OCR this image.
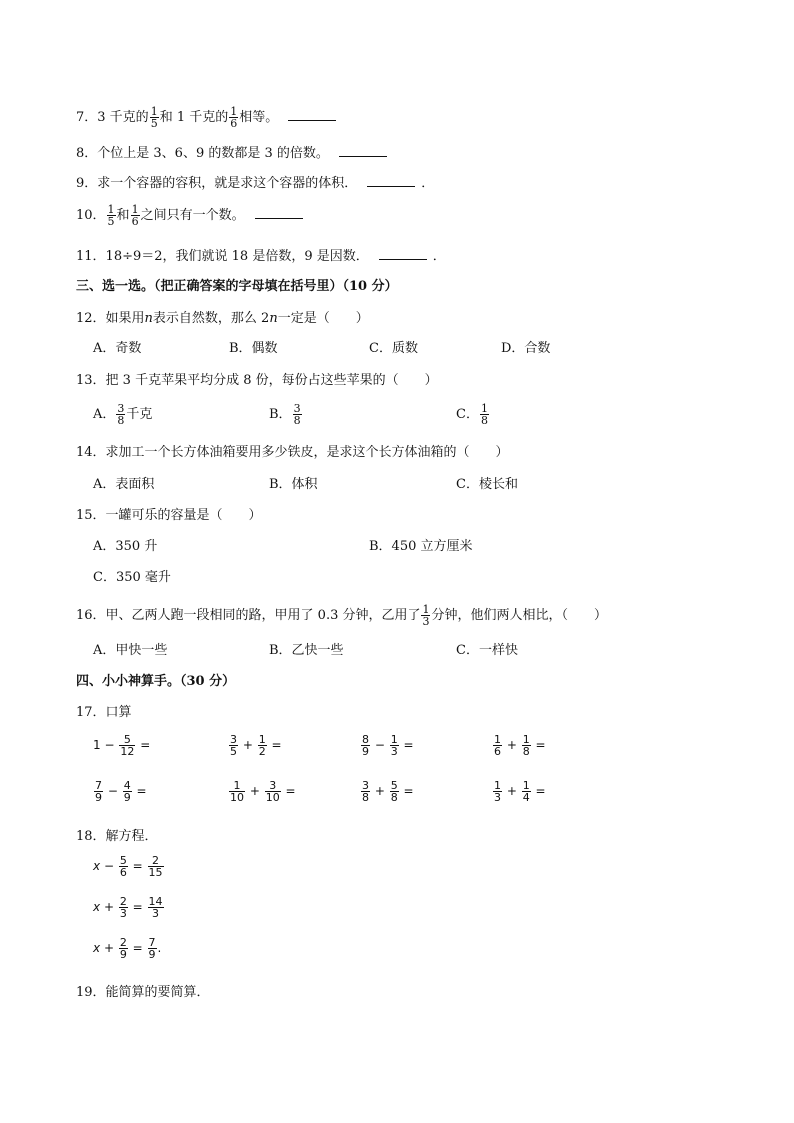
7．3 千克的 $\frac{1}{5}$ 和 1 千克的 $\frac{1}{6}$ 相等。
8．个位上是 3、6、9 的数都是 3 的倍数。
9．求一个容器的容积，就是求这个容器的体积．	．
10． $\frac{1}{5}$ 和 $\frac{1}{6}$ 之间只有一个数。
11．18÷9＝2，我们就说 18 是倍数，9 是因数．	．
三、选一选。（把正确答案的字母填在括号里）（10 分）
12．如果用n表示自然数，那么 2n一定是（　　）
A．奇数	B．偶数	C．质数	D．合数
13．把 3 千克苹果平均分成 8 份，每份占这些苹果的（　　）
A． $\frac{3}{8}$ 千克	B． $\frac{3}{8}$	C． $\frac{1}{8}$
14．求加工一个长方体油箱要用多少铁皮，是求这个长方体油箱的（　　）
A．表面积	B．体积	C．棱长和
15．一罐可乐的容量是（　　）
A．350 升	B．450 立方厘米
C．350 毫升
16．甲、乙两人跑一段相同的路，甲用了 0.3 分钟，乙用了 $\frac{1}{3}$ 分钟，他们两人相比，（　　）
A．甲快一些	B．乙快一些	C．一样快
四、小小神算手。（30 分）
17．口算
$1 - \frac{5}{12}$ =	$\frac{3}{5} + \frac{1}{2}$ =	$\frac{8}{9} - \frac{1}{3}$ =	$\frac{1}{6} + \frac{1}{8}$ =
$\frac{7}{9} - \frac{4}{9}$ =	$\frac{1}{10} + \frac{3}{10}$ =	$\frac{3}{8} + \frac{5}{8}$ =	$\frac{1}{3} + \frac{1}{4}$ =
18．解方程．
$x - \frac{5}{6} = \frac{2}{15}$
$x + \frac{2}{3} = \frac{14}{3}$
$x + \frac{2}{9} = \frac{7}{9}$ .
19．能简算的要简算．
